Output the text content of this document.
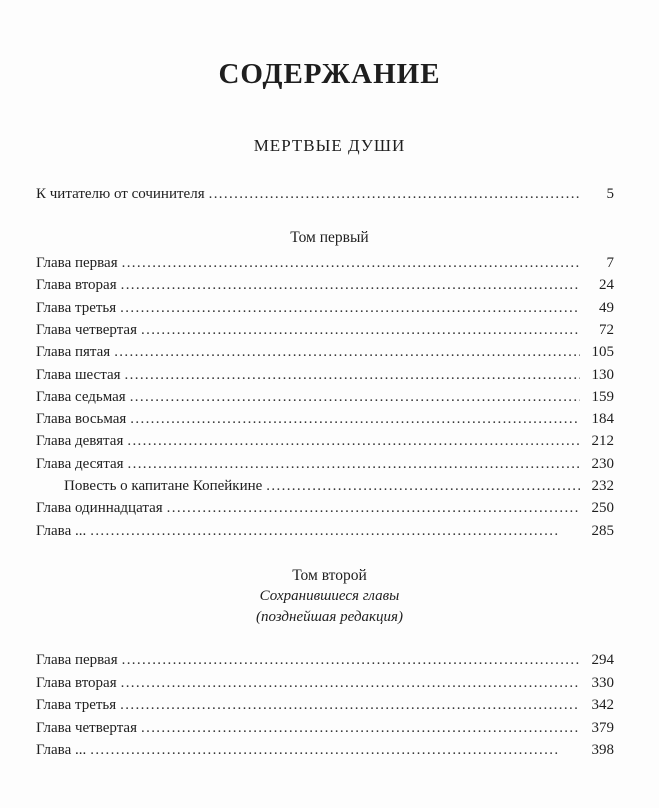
СОДЕРЖАНИЕ
МЕРТВЫЕ ДУШИ
К читателю от сочинителя . . .	5
Том первый
Глава первая . . .	7
Глава вторая . . .	24
Глава третья . . .	49
Глава четвертая . . .	72
Глава пятая . . .	105
Глава шестая . . .	130
Глава седьмая . . .	159
Глава восьмая . . .	184
Глава девятая . . .	212
Глава десятая . . .	230
Повесть о капитане Копейкине . . .	232
Глава одиннадцатая . . .	250
Глава ... . . .	285
Том второй
Сохранившиеся главы
(позднейшая редакция)
Глава первая . . .	294
Глава вторая . . .	330
Глава третья . . .	342
Глава четвертая . . .	379
Глава ... . . .	398
